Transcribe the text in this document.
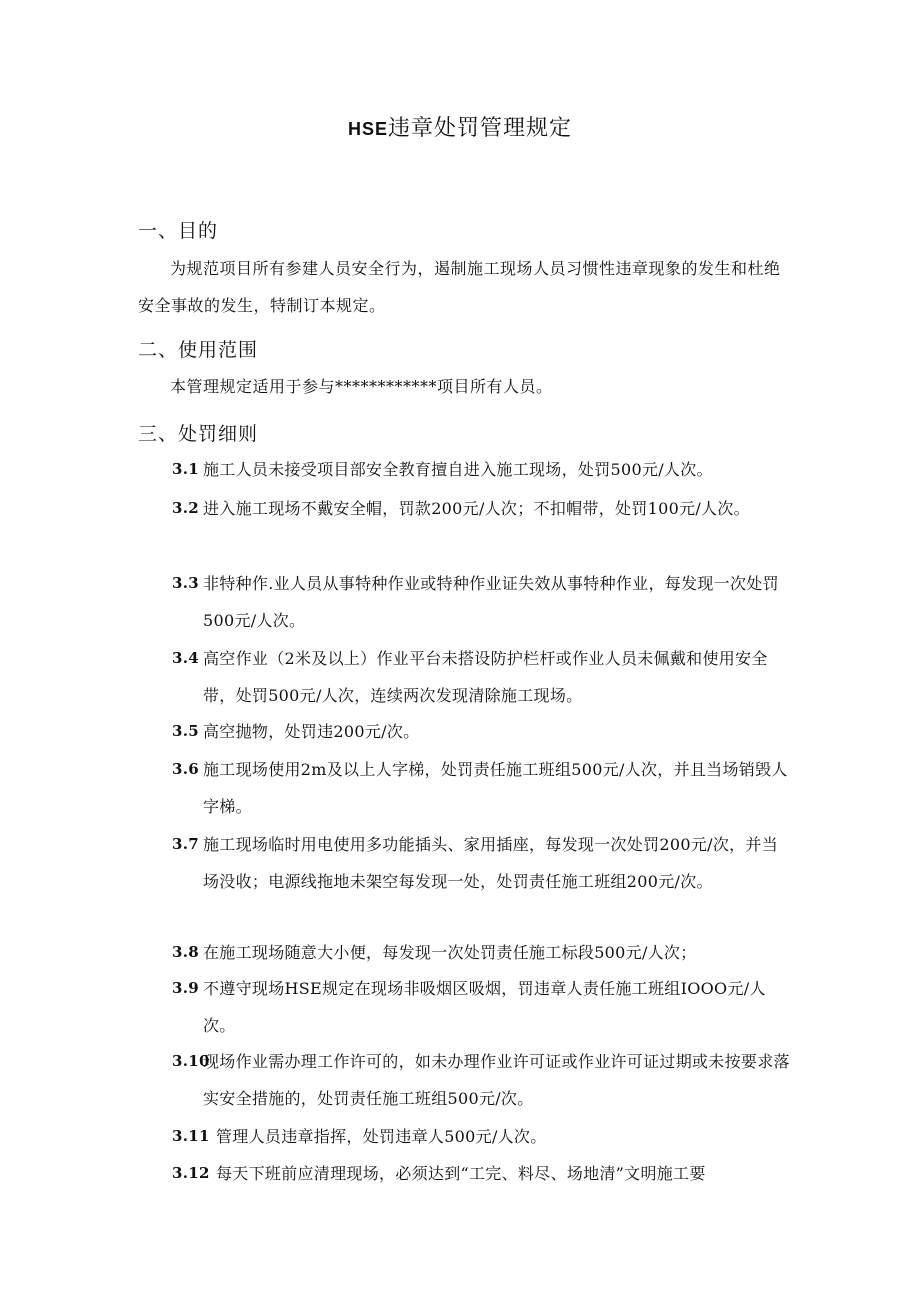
HSE违章处罚管理规定
一、目的

为规范项目所有参建人员安全行为，遏制施工现场人员习惯性违章现象的发生和杜绝安全事故的发生，特制订本规定。

二、使用范围

本管理规定适用于参与************项目所有人员。

三、处罚细则
3.1 施工人员未接受项目部安全教育擅自进入施工现场，处罚500元/人次。
3.2 进入施工现场不戴安全帽，罚款200元/人次；不扣帽带，处罚100元/人次。
3.3 非特种作.业人员从事特种作业或特种作业证失效从事特种作业，每发现一次处罚500元/人次。
3.4 高空作业（2米及以上）作业平台未搭设防护栏杆或作业人员未佩戴和使用安全带，处罚500元/人次，连续两次发现清除施工现场。
3.5 高空抛物，处罚违200元/次。
3.6 施工现场使用2m及以上人字梯，处罚责任施工班组500元/人次，并且当场销毁人字梯。
3.7 施工现场临时用电使用多功能插头、家用插座，每发现一次处罚200元/次，并当场没收；电源线拖地未架空每发现一处，处罚责任施工班组200元/次。
3.8 在施工现场随意大小便，每发现一次处罚责任施工标段500元/人次；
3.9 不遵守现场HSE规定在现场非吸烟区吸烟，罚违章人责任施工班组IOOO元/人次。
3.10
现场作业需办理工作许可的，如未办理作业许可证或作业许可证过期或未按要求落实安全措施的，处罚责任施工班组500元/次。
3.11 管理人员违章指挥，处罚违章人500元/人次。
3.12 每天下班前应清理现场，必须达到“工完、料尽、场地清”文明施工要
